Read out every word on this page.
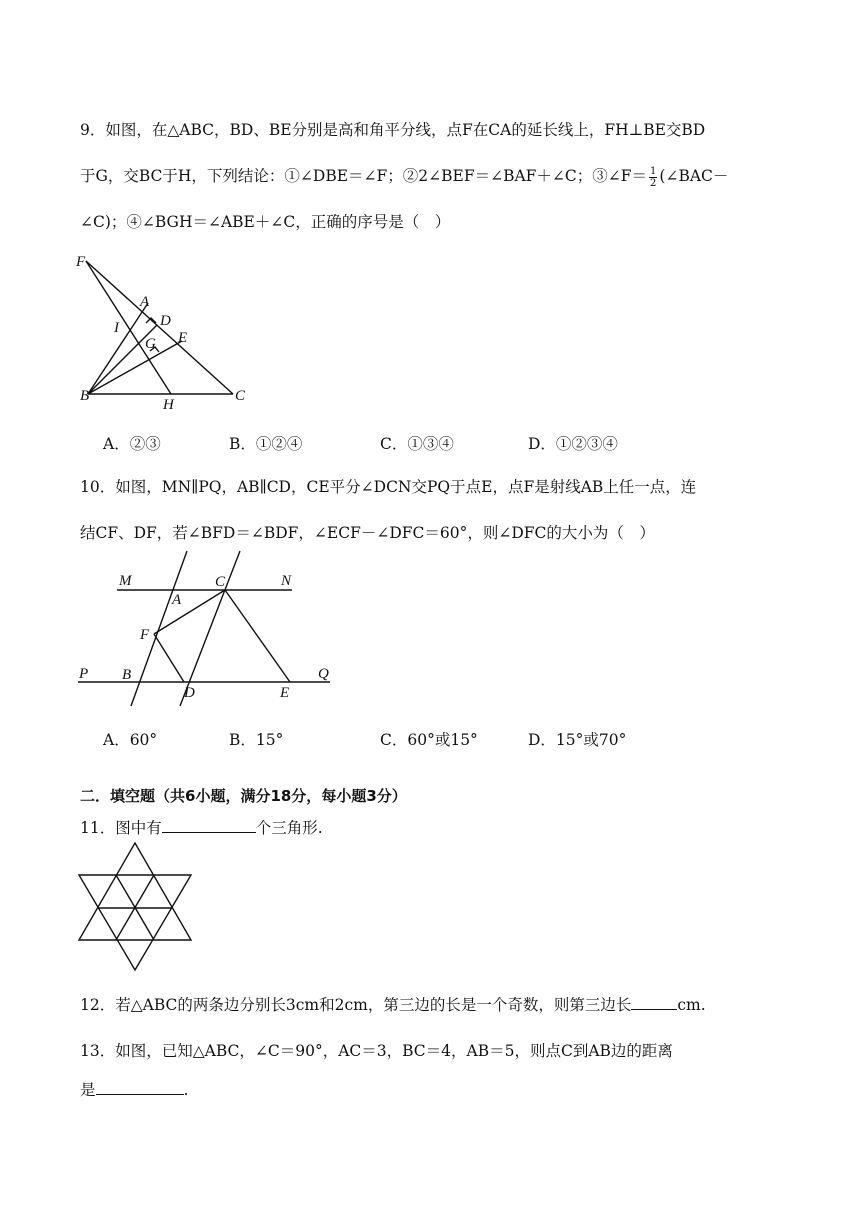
9．如图，在△ABC，BD、BE分别是高和角平分线，点F在CA的延长线上，FH⊥BE交BD
于G，交BC于H，下列结论：①∠DBE＝∠F；②2∠BEF＝∠BAF＋∠C；③∠F＝ $\frac{1}{2}$ (∠BAC－
∠C)；④∠BGH＝∠ABE＋∠C，正确的序号是（　）
F
A
I	D
E
G
B
H
C
A．②③	B．①②④	C．①③④	D．①②③④
10．如图，MN∥PQ，AB∥CD，CE平分∠DCN交PQ于点E，点F是射线AB上任一点，连
结CF、DF，若∠BFD＝∠BDF，∠ECF－∠DFC＝60°，则∠DFC的大小为（　）
M	N
A
C
F
P B
D	E
Q
A．60°	B．15°	C．60°或15°	D．15°或70°
二．填空题（共6小题，满分18分，每小题3分）
11．图中有	个三角形.
12．若△ABC的两条边分别长3cm和2cm，第三边的长是一个奇数，则第三边长	cm.
13．如图，已知△ABC，∠C＝90°，AC＝3，BC＝4，AB＝5，则点C到AB边的距离
是	.
